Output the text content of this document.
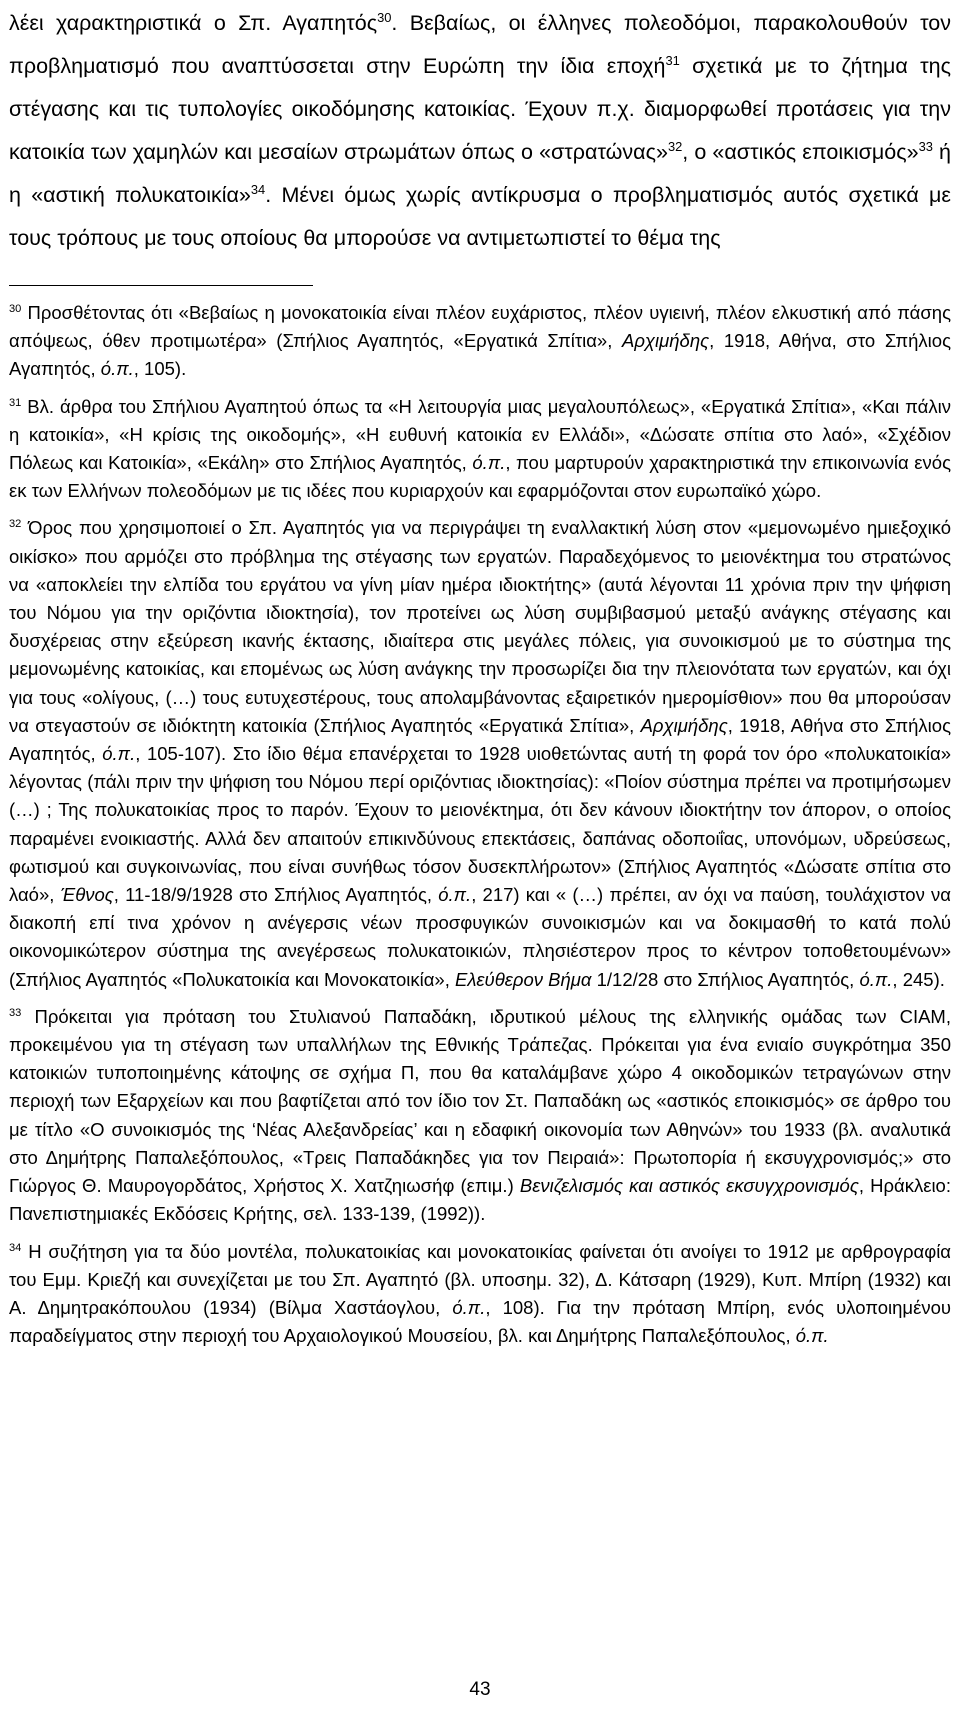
λέει χαρακτηριστικά ο Σπ. Αγαπητός$^{30}$. Βεβαίως, οι έλληνες πολεοδόμοι, παρακολουθούν τον προβληματισμό που αναπτύσσεται στην Ευρώπη την ίδια εποχή$^{31}$ σχετικά με το ζήτημα της στέγασης και τις τυπολογίες οικοδόμησης κατοικίας. Έχουν π.χ. διαμορφωθεί προτάσεις για την κατοικία των χαμηλών και μεσαίων στρωμάτων όπως ο «στρατώνας»$^{32}$, ο «αστικός εποικισμός»$^{33}$ ή η «αστική πολυκατοικία»$^{34}$. Μένει όμως χωρίς αντίκρυσμα ο προβληματισμός αυτός σχετικά με τους τρόπους με τους οποίους θα μπορούσε να αντιμετωπιστεί το θέμα της

$^{30}$ Προσθέτοντας ότι «Βεβαίως η μονοκατοικία είναι πλέον ευχάριστος, πλέον υγιεινή, πλέον ελκυστική από πάσης απόψεως, όθεν προτιμωτέρα» (Σπήλιος Αγαπητός, «Εργατικά Σπίτια», Αρχιμήδης, 1918, Αθήνα, στο Σπήλιος Αγαπητός, ό.π., 105).

$^{31}$ Βλ. άρθρα του Σπήλιου Αγαπητού όπως τα «Η λειτουργία μιας μεγαλουπόλεως», «Εργατικά Σπίτια», «Και πάλιν η κατοικία», «Η κρίσις της οικοδομής», «Η ευθυνή κατοικία εν Ελλάδι», «Δώσατε σπίτια στο λαό», «Σχέδιον Πόλεως και Κατοικία», «Εκάλη» στο Σπήλιος Αγαπητός, ό.π., που μαρτυρούν χαρακτηριστικά την επικοινωνία ενός εκ των Ελλήνων πολεοδόμων με τις ιδέες που κυριαρχούν και εφαρμόζονται στον ευρωπαϊκό χώρο.

$^{32}$ Όρος που χρησιμοποιεί ο Σπ. Αγαπητός για να περιγράψει τη εναλλακτική λύση στον «μεμονωμένο ημιεξοχικό οικίσκο» που αρμόζει στο πρόβλημα της στέγασης των εργατών. Παραδεχόμενος το μειονέκτημα του στρατώνος να «αποκλείει την ελπίδα του εργάτου να γίνη μίαν ημέρα ιδιοκτήτης» (αυτά λέγονται 11 χρόνια πριν την ψήφιση του Νόμου για την οριζόντια ιδιοκτησία), τον προτείνει ως λύση συμβιβασμού μεταξύ ανάγκης στέγασης και δυσχέρειας στην εξεύρεση ικανής έκτασης, ιδιαίτερα στις μεγάλες πόλεις, για συνοικισμού με το σύστημα της μεμονωμένης κατοικίας, και επομένως ως λύση ανάγκης την προσωρίζει δια την πλειονότατα των εργατών, και όχι για τους «ολίγους, (…) τους ευτυχεστέρους, τους απολαμβάνοντας εξαιρετικόν ημερομίσθιον» που θα μπορούσαν να στεγαστούν σε ιδιόκτητη κατοικία (Σπήλιος Αγαπητός «Εργατικά Σπίτια», Αρχιμήδης, 1918, Αθήνα στο Σπήλιος Αγαπητός, ό.π., 105-107). Στο ίδιο θέμα επανέρχεται το 1928 υιοθετώντας αυτή τη φορά τον όρο «πολυκατοικία» λέγοντας (πάλι πριν την ψήφιση του Νόμου περί οριζόντιας ιδιοκτησίας): «Ποίον σύστημα πρέπει να προτιμήσωμεν (…) ; Της πολυκατοικίας προς το παρόν. Έχουν το μειονέκτημα, ότι δεν κάνουν ιδιοκτήτην τον άπορον, ο οποίος παραμένει ενοικιαστής. Αλλά δεν απαιτούν επικινδύνους επεκτάσεις, δαπάνας οδοποιΐας, υπονόμων, υδρεύσεως, φωτισμού και συγκοινωνίας, που είναι συνήθως τόσον δυσεκπλήρωτον» (Σπήλιος Αγαπητός «Δώσατε σπίτια στο λαό», Έθνος, 11-18/9/1928 στο Σπήλιος Αγαπητός, ό.π., 217) και « (…) πρέπει, αν όχι να παύση, τουλάχιστον να διακοπή επί τινα χρόνον η ανέγερσις νέων προσφυγικών συνοικισμών και να δοκιμασθή το κατά πολύ οικονομικώτερον σύστημα της ανεγέρσεως πολυκατοικιών, πλησιέστερον προς το κέντρον τοποθετουμένων» (Σπήλιος Αγαπητός «Πολυκατοικία και Μονοκατοικία», Ελεύθερον Βήμα 1/12/28 στο Σπήλιος Αγαπητός, ό.π., 245).

$^{33}$ Πρόκειται για πρόταση του Στυλιανού Παπαδάκη, ιδρυτικού μέλους της ελληνικής ομάδας των CIAM, προκειμένου για τη στέγαση των υπαλλήλων της Εθνικής Τράπεζας. Πρόκειται για ένα ενιαίο συγκρότημα 350 κατοικιών τυποποιημένης κάτοψης σε σχήμα Π, που θα καταλάμβανε χώρο 4 οικοδομικών τετραγώνων στην περιοχή των Εξαρχείων και που βαφτίζεται από τον ίδιο τον Στ. Παπαδάκη ως «αστικός εποικισμός» σε άρθρο του με τίτλο «Ο συνοικισμός της ‘Νέας Αλεξανδρείας’ και η εδαφική οικονομία των Αθηνών» του 1933 (βλ. αναλυτικά στο Δημήτρης Παπαλεξόπουλος, «Τρεις Παπαδάκηδες για τον Πειραιά»: Πρωτοπορία ή εκσυγχρονισμός;» στο Γιώργος Θ. Μαυρογορδάτος, Χρήστος Χ. Χατζηιωσήφ (επιμ.) Βενιζελισμός και αστικός εκσυγχρονισμός, Ηράκλειο: Πανεπιστημιακές Εκδόσεις Κρήτης, σελ. 133-139, (1992)).

$^{34}$ Η συζήτηση για τα δύο μοντέλα, πολυκατοικίας και μονοκατοικίας φαίνεται ότι ανοίγει το 1912 με αρθρογραφία του Εμμ. Κριεζή και συνεχίζεται με του Σπ. Αγαπητό (βλ. υποσημ. 32), Δ. Κάτσαρη (1929), Κυπ. Μπίρη (1932) και Α. Δημητρακόπουλου (1934) (Βίλμα Χαστάογλου, ό.π., 108). Για την πρόταση Μπίρη, ενός υλοποιημένου παραδείγματος στην περιοχή του Αρχαιολογικού Μουσείου, βλ. και Δημήτρης Παπαλεξόπουλος, ό.π.

43
